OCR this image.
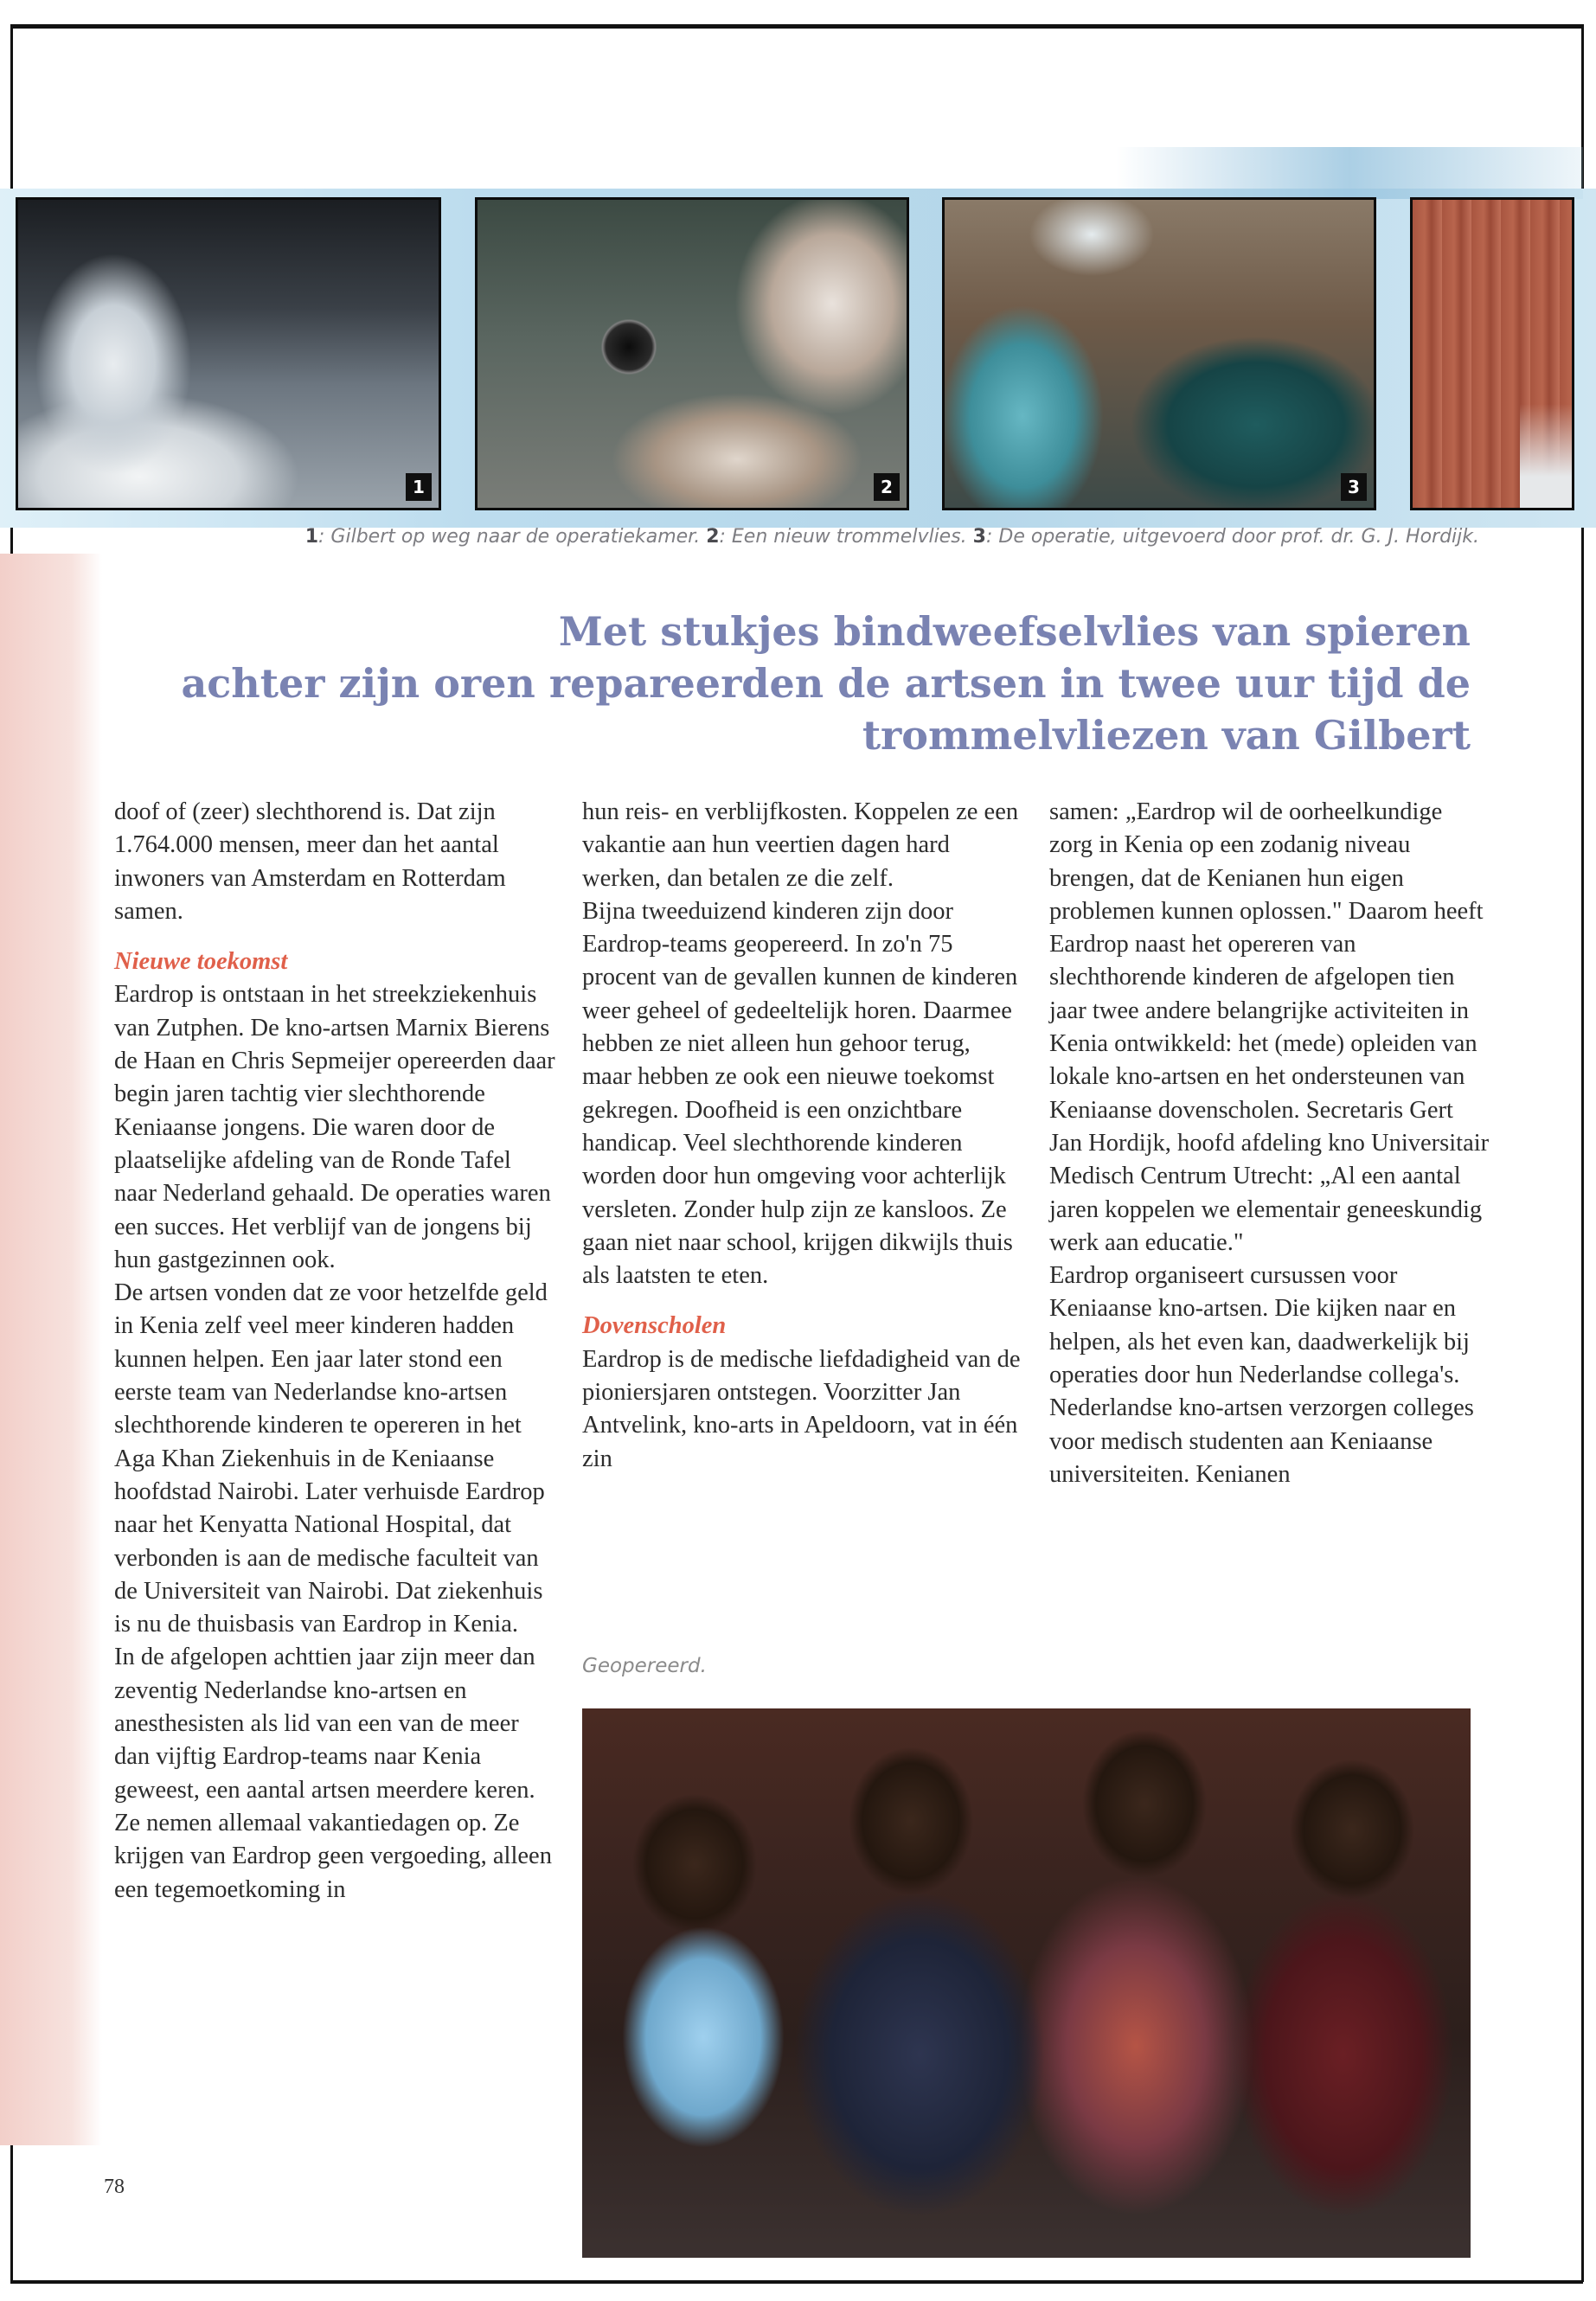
1	2	3
1: Gilbert op weg naar de operatiekamer. 2: Een nieuw trommelvlies. 3: De operatie, uitgevoerd door prof. dr. G. J. Hordijk.
Met stukjes bindweefselvlies van spieren
achter zijn oren repareerden de artsen in twee uur tijd de
trommelvliezen van Gilbert

doof of (zeer) slechthorend is. Dat zijn 1.764.000 mensen, meer dan het aantal inwoners van Amsterdam en Rotterdam samen.

Nieuwe toekomst

Eardrop is ontstaan in het streekziekenhuis van Zutphen. De kno-artsen Marnix Bierens de Haan en Chris Sepmeijer opereerden daar begin jaren tachtig vier slechthorende Keniaanse jongens. Die waren door de plaatselijke afdeling van de Ronde Tafel naar Nederland gehaald. De operaties waren een succes. Het verblijf van de jongens bij hun gastgezinnen ook.

De artsen vonden dat ze voor hetzelfde geld in Kenia zelf veel meer kinderen hadden kunnen helpen. Een jaar later stond een eerste team van Nederlandse kno-artsen slechthorende kinderen te opereren in het Aga Khan Ziekenhuis in de Keniaanse hoofdstad Nairobi. Later verhuisde Eardrop naar het Kenyatta National Hospital, dat verbonden is aan de medische faculteit van de Universiteit van Nairobi. Dat ziekenhuis is nu de thuisbasis van Eardrop in Kenia.

In de afgelopen achttien jaar zijn meer dan zeventig Nederlandse kno-artsen en anesthesisten als lid van een van de meer dan vijftig Eardrop-teams naar Kenia geweest, een aantal artsen meerdere keren. Ze nemen allemaal vakantiedagen op. Ze krijgen van Eardrop geen vergoeding, alleen een tegemoetkoming in

hun reis- en verblijfkosten. Koppelen ze een vakantie aan hun veertien dagen hard werken, dan betalen ze die zelf.

Bijna tweeduizend kinderen zijn door Eardrop-teams geopereerd. In zo'n 75 procent van de gevallen kunnen de kinderen weer geheel of gedeeltelijk horen. Daarmee hebben ze niet alleen hun gehoor terug, maar hebben ze ook een nieuwe toekomst gekregen. Doofheid is een onzichtbare handicap. Veel slechthorende kinderen worden door hun omgeving voor achterlijk versleten. Zonder hulp zijn ze kansloos. Ze gaan niet naar school, krijgen dikwijls thuis als laatsten te eten.

Dovenscholen

Eardrop is de medische liefdadigheid van de pioniersjaren ontstegen. Voorzitter Jan Antvelink, kno-arts in Apeldoorn, vat in één zin

samen: „Eardrop wil de oorheelkundige zorg in Kenia op een zodanig niveau brengen, dat de Kenianen hun eigen problemen kunnen oplossen." Daarom heeft Eardrop naast het opereren van slechthorende kinderen de afgelopen tien jaar twee andere belangrijke activiteiten in Kenia ontwikkeld: het (mede) opleiden van lokale kno-artsen en het ondersteunen van Keniaanse dovenscholen. Secretaris Gert Jan Hordijk, hoofd afdeling kno Universitair Medisch Centrum Utrecht: „Al een aantal jaren koppelen we elementair geneeskundig werk aan educatie."

Eardrop organiseert cursussen voor Keniaanse kno-artsen. Die kijken naar en helpen, als het even kan, daadwerkelijk bij operaties door hun Nederlandse collega's. Nederlandse kno-artsen verzorgen colleges voor medisch studenten aan Keniaanse universiteiten. Kenianen

Geopereerd.
78
